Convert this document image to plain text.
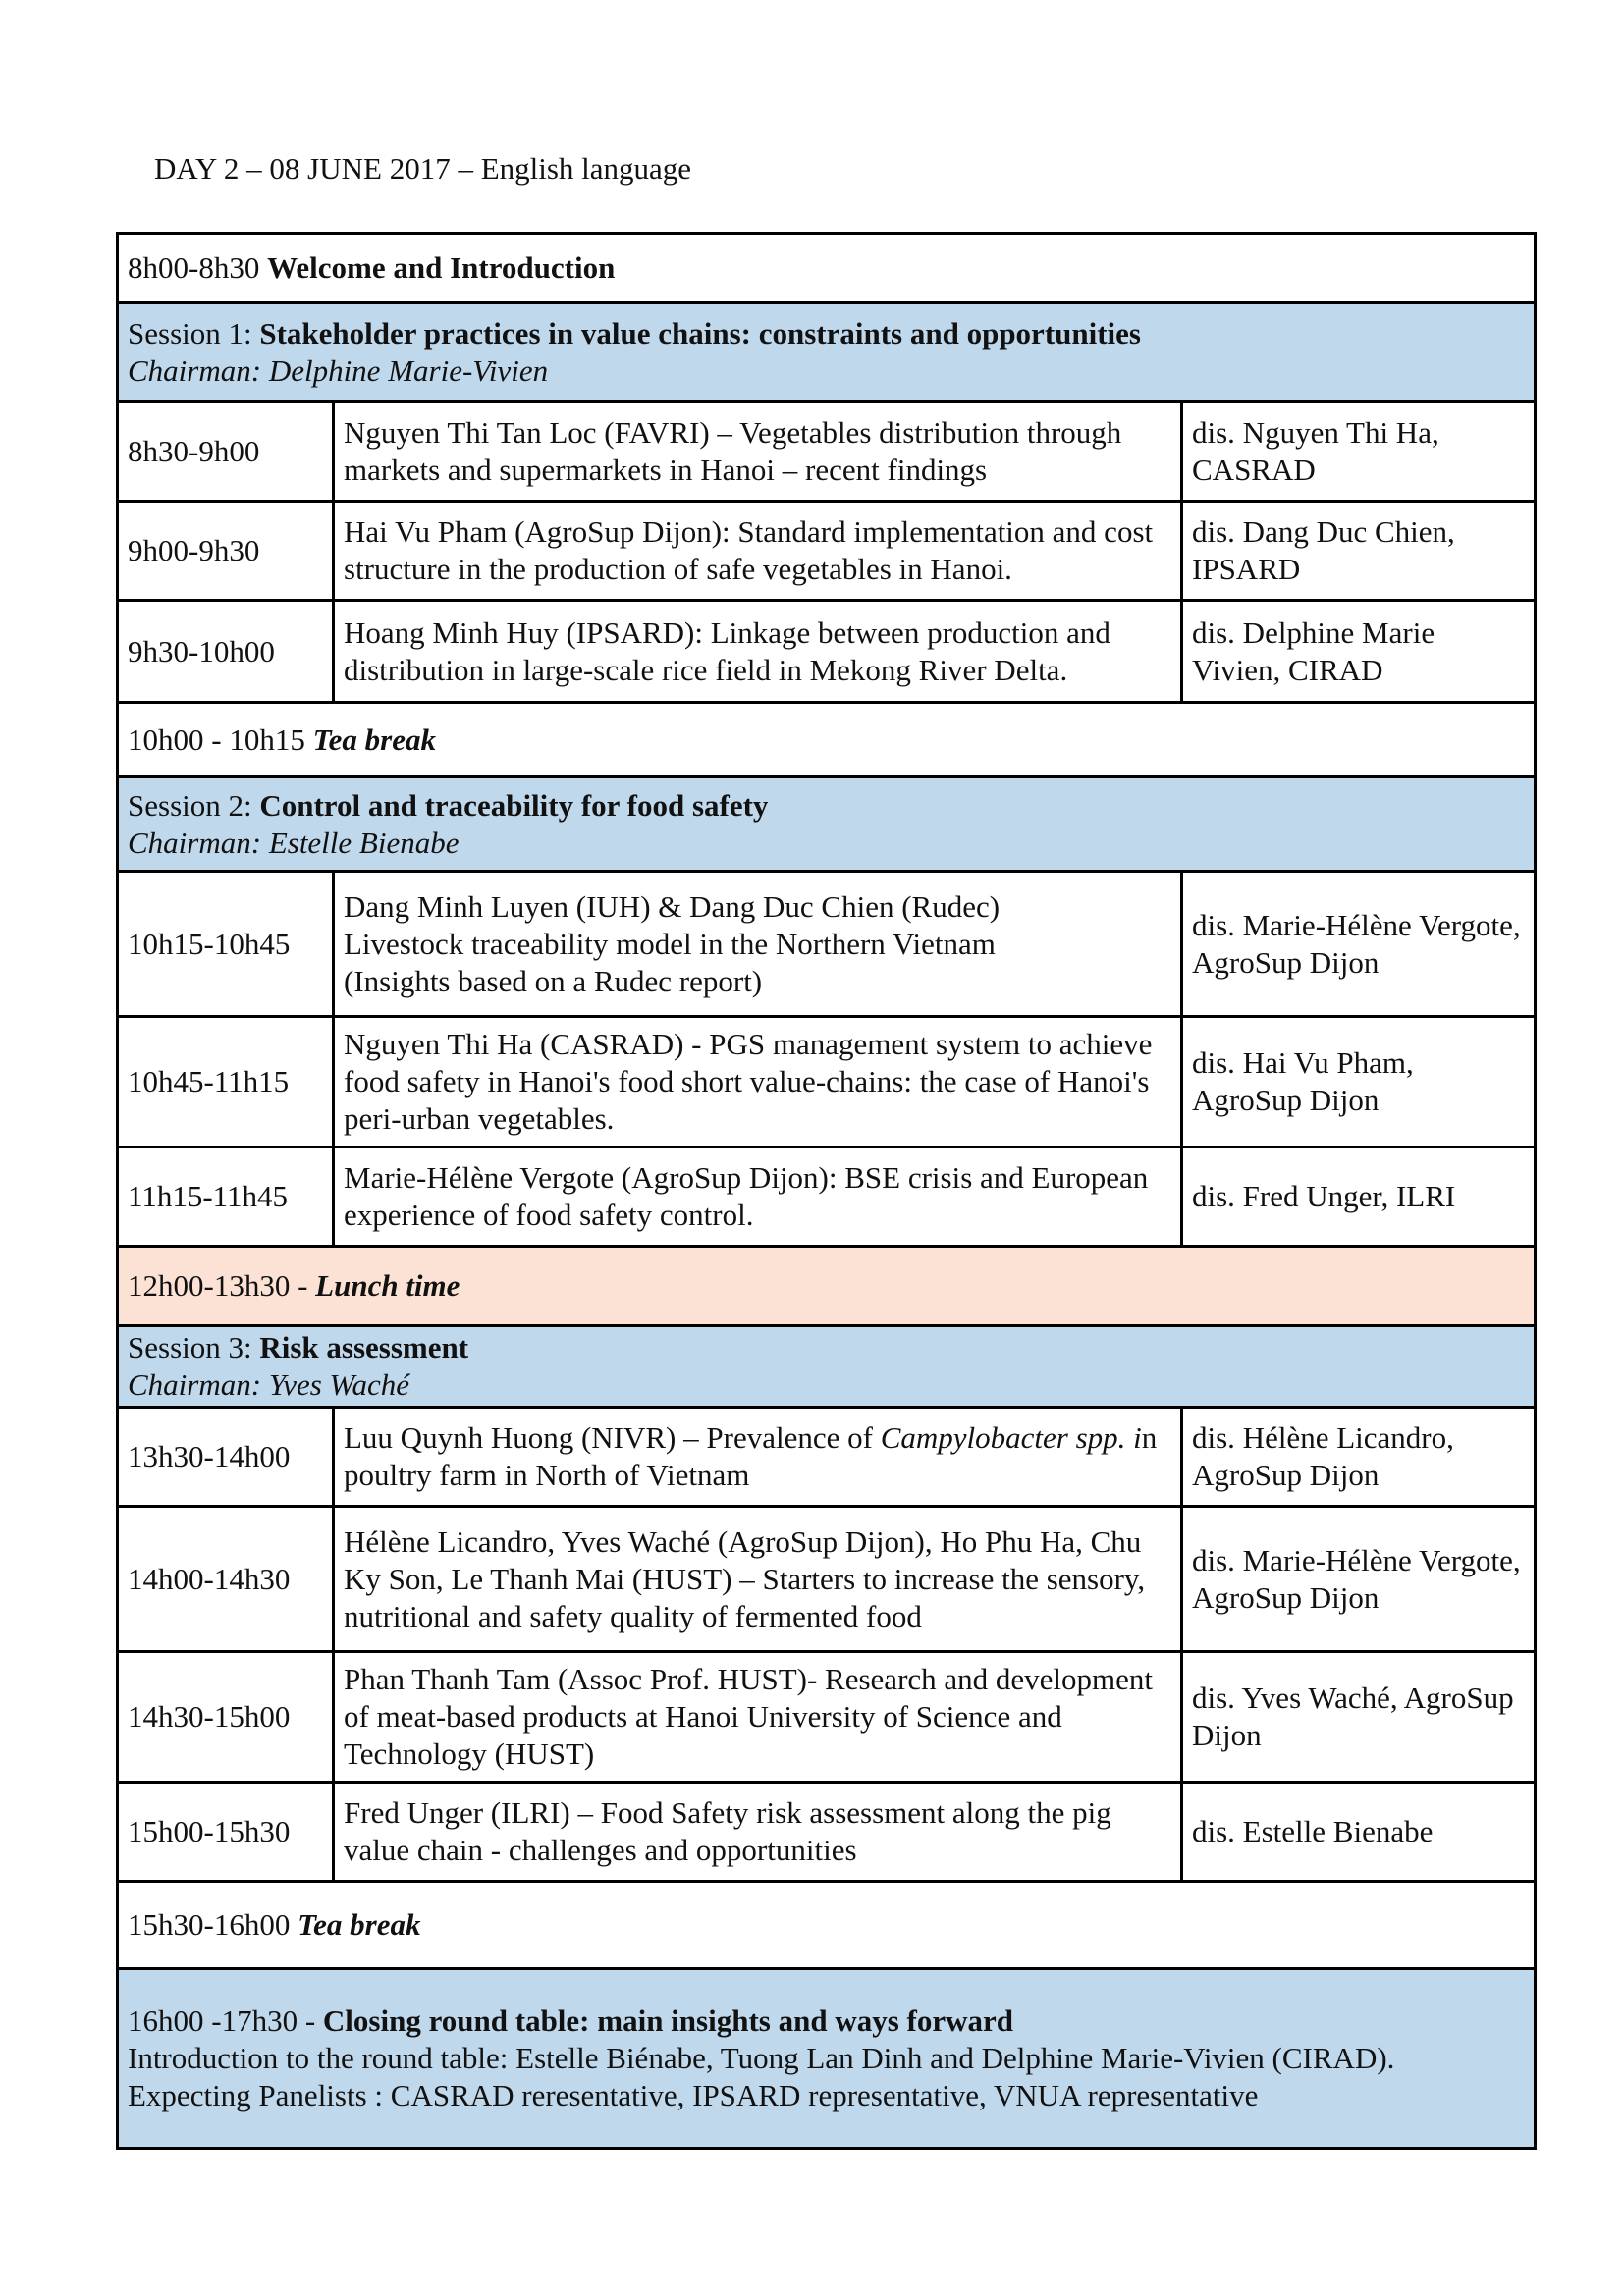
DAY 2 – 08 JUNE 2017 – English language
8h00-8h30 Welcome and Introduction		

Session 1: Stakeholder practices in value chains: constraints and opportunities
Chairman: Delphine Marie-Vivien		

8h30-9h00	Nguyen Thi Tan Loc (FAVRI) – Vegetables distribution through markets and supermarkets in Hanoi – recent findings	dis. Nguyen Thi Ha, CASRAD
9h00-9h30	Hai Vu Pham (AgroSup Dijon): Standard implementation and cost structure in the production of safe vegetables in Hanoi.	dis. Dang Duc Chien, IPSARD
9h30-10h00	Hoang Minh Huy (IPSARD): Linkage between production and distribution in large-scale rice field in Mekong River Delta.	dis. Delphine Marie Vivien, CIRAD
10h00 - 10h15 Tea break		

Session 2: Control and traceability for food safety
Chairman: Estelle Bienabe		

10h15-10h45	Dang Minh Luyen (IUH) & Dang Duc Chien (Rudec)
Livestock traceability model in the Northern Vietnam
(Insights based on a Rudec report)	dis. Marie-Hélène Vergote, AgroSup Dijon
10h45-11h15	Nguyen Thi Ha (CASRAD) - PGS management system to achieve food safety in Hanoi's food short value-chains: the case of Hanoi's peri-urban vegetables.	dis. Hai Vu Pham, AgroSup Dijon
11h15-11h45	Marie-Hélène Vergote (AgroSup Dijon): BSE crisis and European experience of food safety control.	dis. Fred Unger, ILRI
12h00-13h30 - Lunch time		

Session 3: Risk assessment
Chairman: Yves Waché		

13h30-14h00	Luu Quynh Huong (NIVR) – Prevalence of Campylobacter spp. in poultry farm in North of Vietnam	dis. Hélène Licandro, AgroSup Dijon
14h00-14h30	Hélène Licandro, Yves Waché (AgroSup Dijon), Ho Phu Ha, Chu Ky Son, Le Thanh Mai (HUST) – Starters to increase the sensory, nutritional and safety quality of fermented food	dis. Marie-Hélène Vergote, AgroSup Dijon
14h30-15h00	Phan Thanh Tam (Assoc Prof. HUST)- Research and development of meat-based products at Hanoi University of Science and Technology (HUST)	dis. Yves Waché, AgroSup Dijon
15h00-15h30	Fred Unger (ILRI) – Food Safety risk assessment along the pig value chain - challenges and opportunities	dis. Estelle Bienabe
15h30-16h00 Tea break		

16h00 -17h30 - Closing round table: main insights and ways forward
Introduction to the round table: Estelle Biénabe, Tuong Lan Dinh and Delphine Marie-Vivien (CIRAD).
Expecting Panelists : CASRAD reresentative, IPSARD representative, VNUA representative		
